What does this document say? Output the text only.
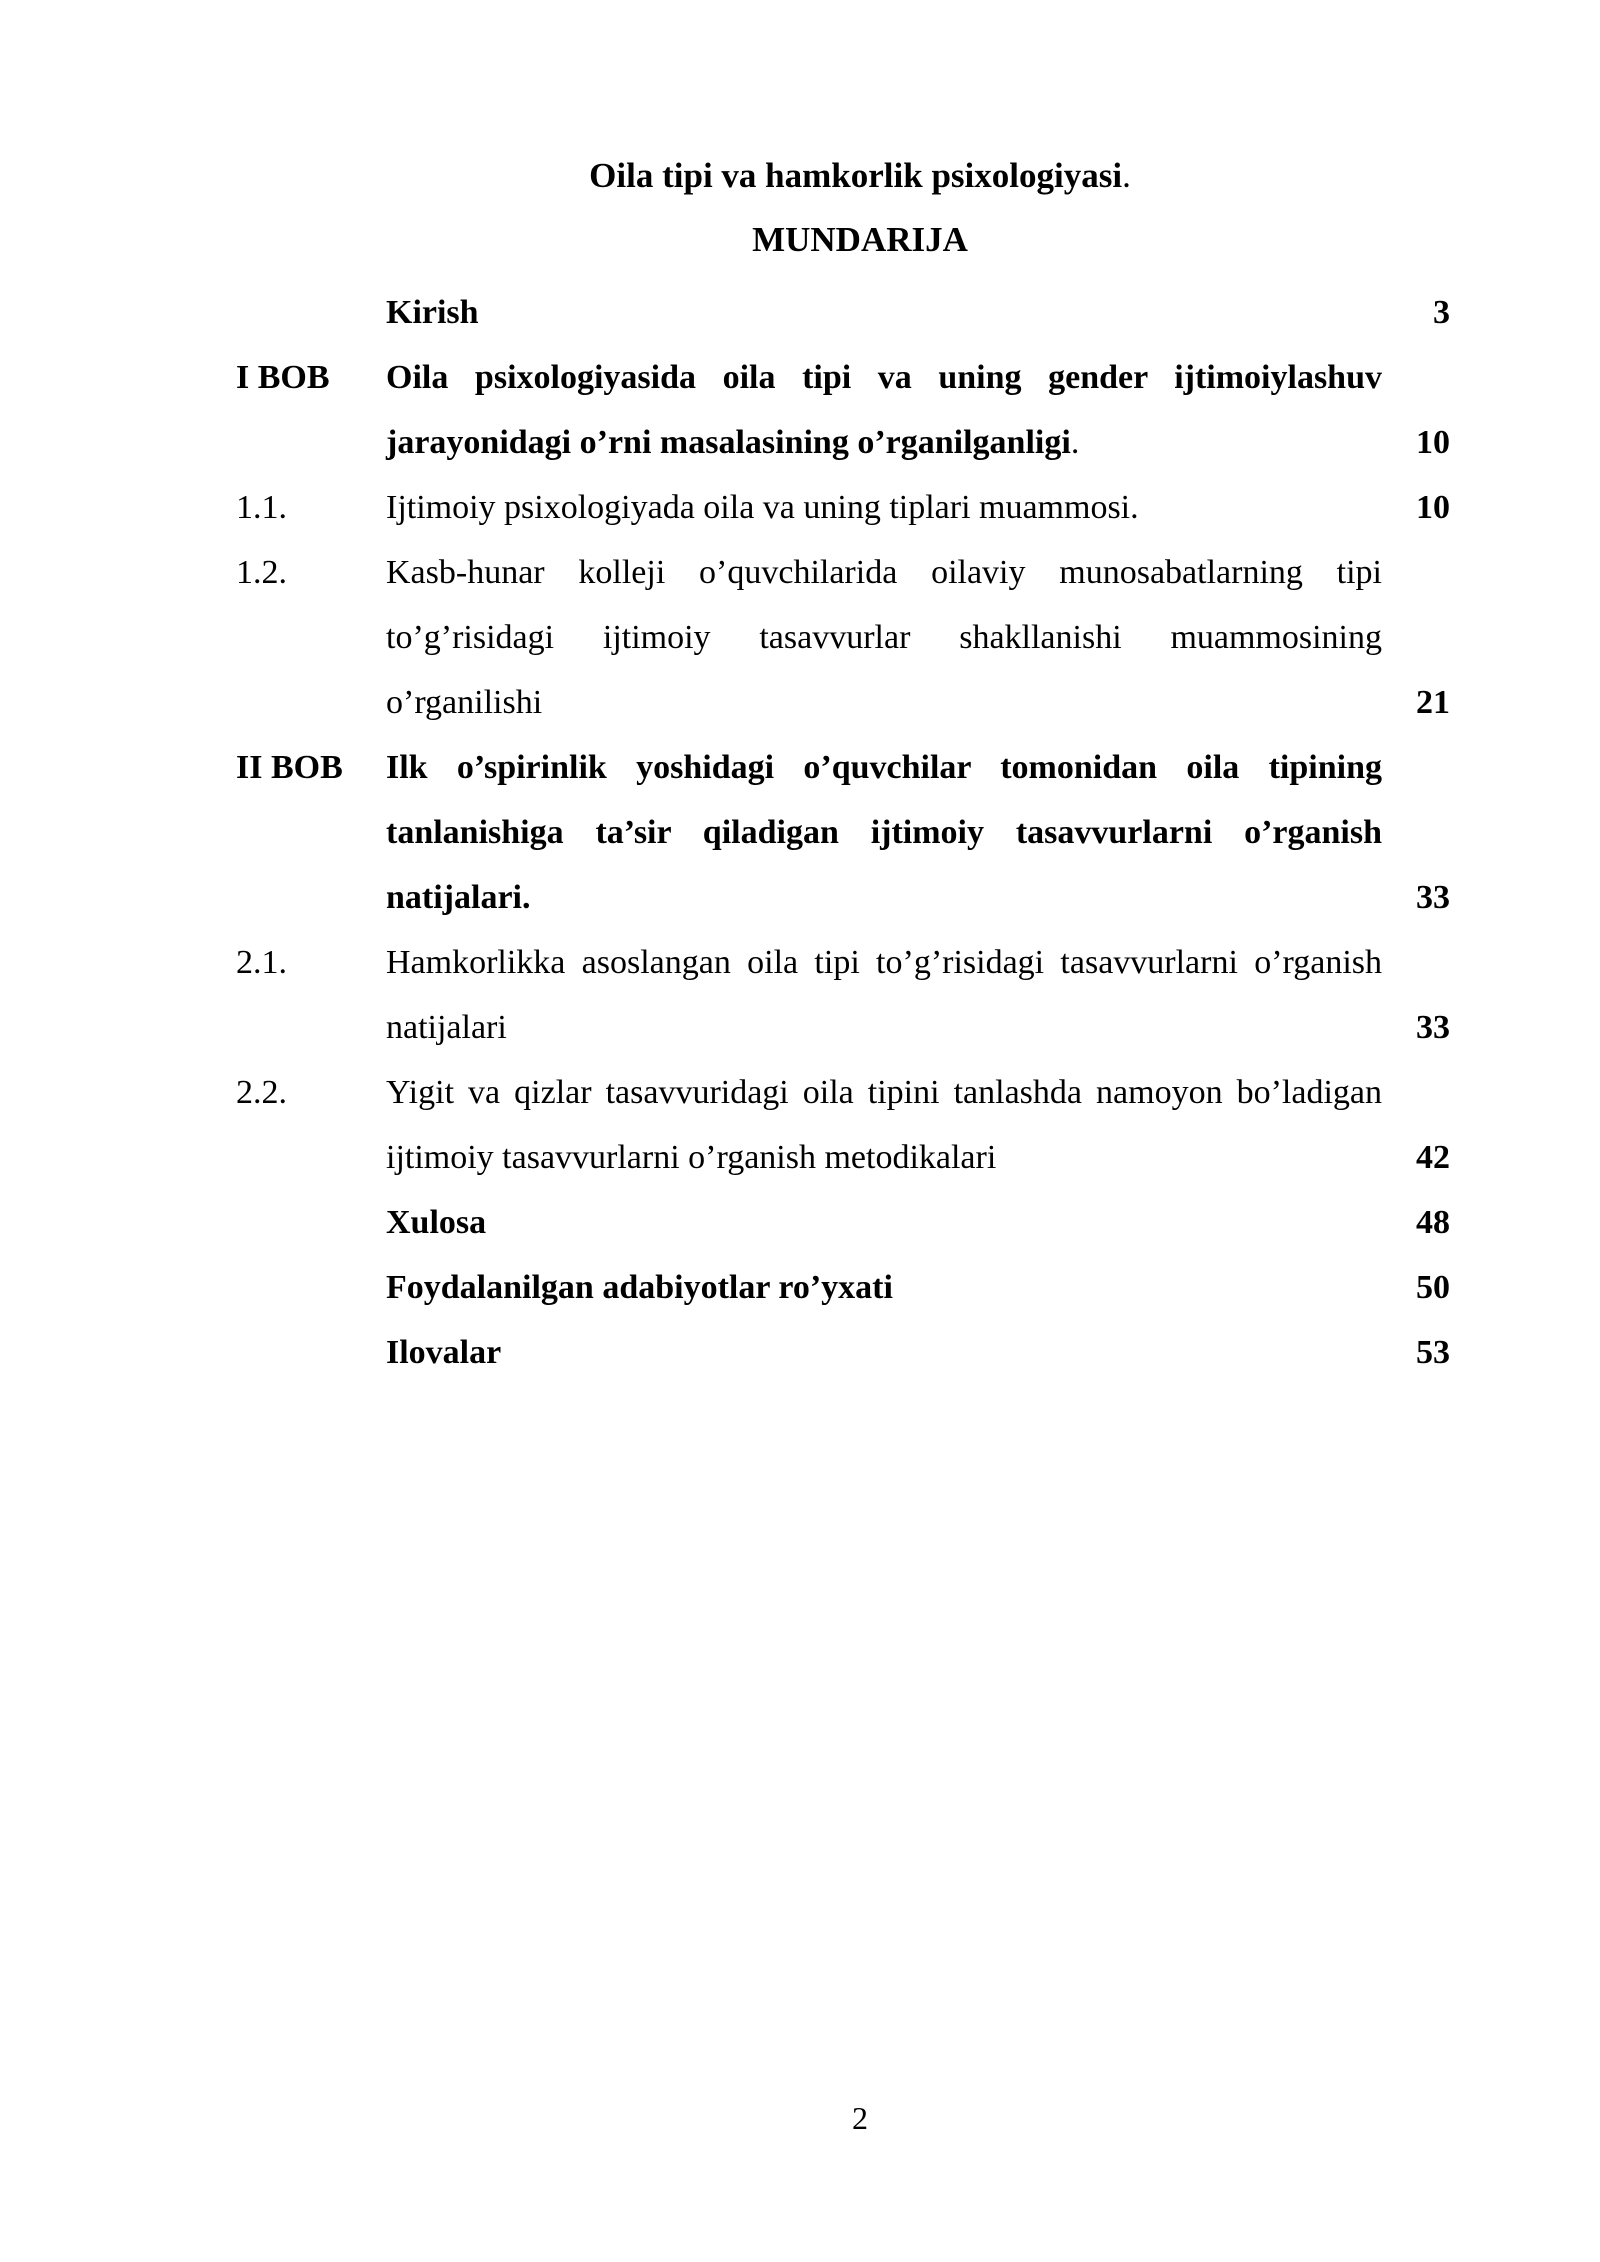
Oila tipi va hamkorlik psixologiyasi.
MUNDARIJA
Kirish	3
I BOB	Oila psixologiyasida oila tipi va uning gender ijtimoiylashuv jarayonidagi o’rni masalasining o’rganilganligi.	10
1.1.	Ijtimoiy psixologiyada oila va uning tiplari muammosi.	10
1.2.	Kasb-hunar kolleji o’quvchilarida oilaviy munosabatlarning tipi to’g’risidagi ijtimoiy tasavvurlar shakllanishi muammosining o’rganilishi	21
II BOB	Ilk o’spirinlik yoshidagi o’quvchilar tomonidan oila tipining tanlanishiga ta’sir qiladigan ijtimoiy tasavvurlarni o’rganish natijalari.	33
2.1.	Hamkorlikka asoslangan oila tipi to’g’risidagi tasavvurlarni o’rganish natijalari	33
2.2.	Yigit va qizlar tasavvuridagi oila tipini tanlashda namoyon bo’ladigan ijtimoiy tasavvurlarni o’rganish metodikalari	42
Xulosa	48
Foydalanilgan adabiyotlar ro’yxati	50
Ilovalar	53
2
